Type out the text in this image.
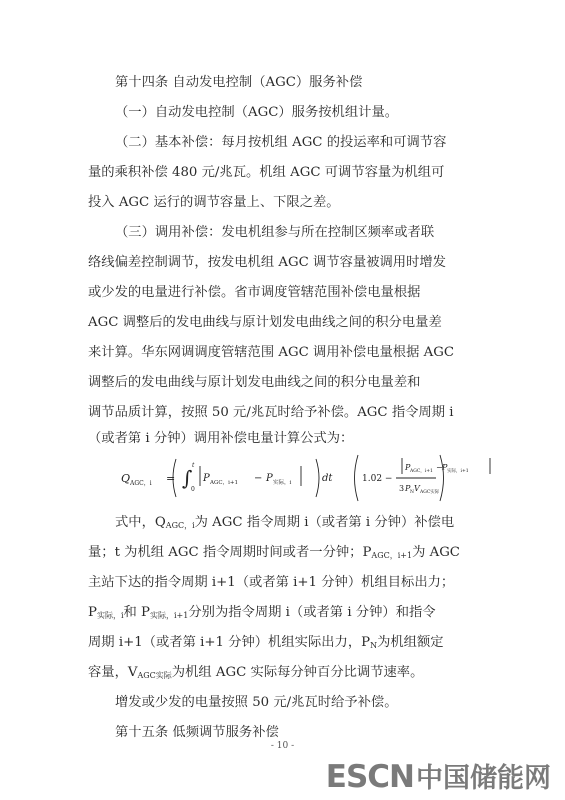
第十四条 自动发电控制（AGC）服务补偿
（一）自动发电控制（AGC）服务按机组计量。
（二）基本补偿：每月按机组 AGC 的投运率和可调节容
量的乘积补偿 480 元/兆瓦。机组 AGC 可调节容量为机组可
投入 AGC 运行的调节容量上、下限之差。
（三）调用补偿：发电机组参与所在控制区频率或者联
络线偏差控制调节，按发电机组 AGC 调节容量被调用时增发
或少发的电量进行补偿。省市调度管辖范围补偿电量根据
AGC 调整后的发电曲线与原计划发电曲线之间的积分电量差
来计算。华东网调调度管辖范围 AGC 调用补偿电量根据 AGC
调整后的发电曲线与原计划发电曲线之间的积分电量差和
调节品质计算，按照 50 元/兆瓦时给予补偿。AGC 指令周期 i
（或者第 i 分钟）调用补偿电量计算公式为：
Q AGC，i = ∫
t
0
P AGC，i+1 − P 实际，i	dt	1.02 −
P AGC，i+1 − P 实际，i+1
3 P N V AGC实际
式中，$Q_{AGC,i}$为 AGC 指令周期 i（或者第 i 分钟）补偿电
量；t 为机组 AGC 指令周期时间或者一分钟；$P_{AGC,i+1}$为 AGC
主站下达的指令周期 i+1（或者第 i+1 分钟）机组目标出力；
$P_{实际,i}$和 $P_{实际,i+1}$分别为指令周期 i（或者第 i 分钟）和指令
周期 i+1（或者第 i+1 分钟）机组实际出力，$P_N$为机组额定
容量，$V_{AGC实际}$为机组 AGC 实际每分钟百分比调节速率。
增发或少发的电量按照 50 元/兆瓦时给予补偿。
第十五条 低频调节服务补偿
- 10 -
ESCN中国储能网
